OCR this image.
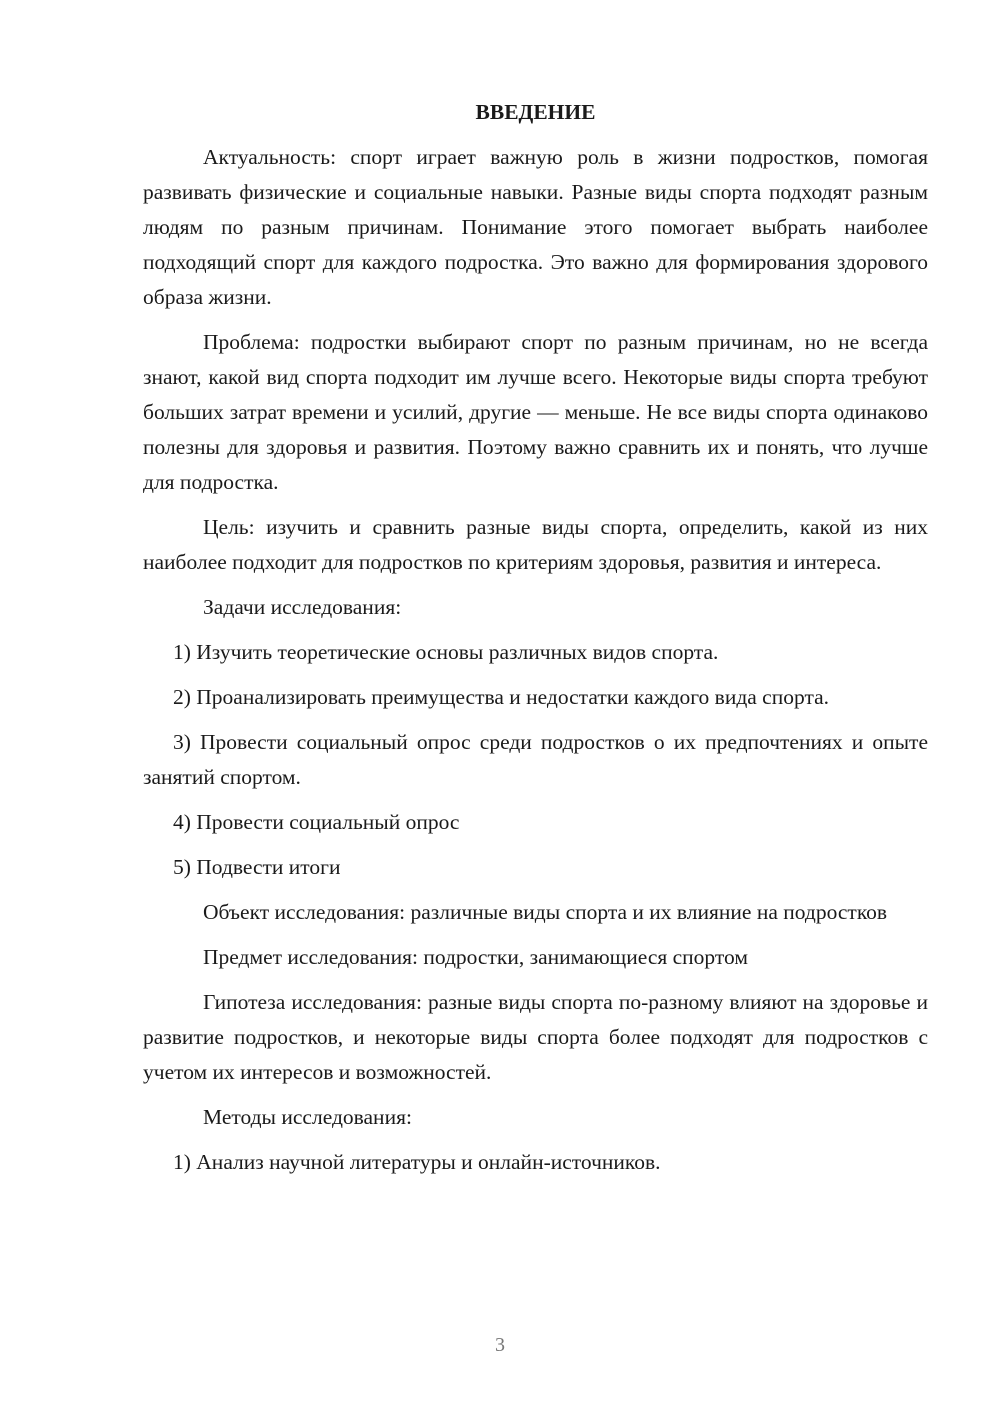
ВВЕДЕНИЕ
Актуальность: спорт играет важную роль в жизни подростков, помогая развивать физические и социальные навыки. Разные виды спорта подходят разным людям по разным причинам. Понимание этого помогает выбрать наиболее подходящий спорт для каждого подростка. Это важно для формирования здорового образа жизни.
Проблема: подростки выбирают спорт по разным причинам, но не всегда знают, какой вид спорта подходит им лучше всего. Некоторые виды спорта требуют больших затрат времени и усилий, другие — меньше. Не все виды спорта одинаково полезны для здоровья и развития. Поэтому важно сравнить их и понять, что лучше для подростка.
Цель: изучить и сравнить разные виды спорта, определить, какой из них наиболее подходит для подростков по критериям здоровья, развития и интереса.
Задачи исследования:
1) Изучить теоретические основы различных видов спорта.
2) Проанализировать преимущества и недостатки каждого вида спорта.
3) Провести социальный опрос среди подростков о их предпочтениях и опыте занятий спортом.
4) Провести социальный опрос
5) Подвести итоги
Объект исследования: различные виды спорта и их влияние на подростков
Предмет исследования: подростки, занимающиеся спортом
Гипотеза исследования: разные виды спорта по-разному влияют на здоровье и развитие подростков, и некоторые виды спорта более подходят для подростков с учетом их интересов и возможностей.
Методы исследования:
1) Анализ научной литературы и онлайн-источников.
3
